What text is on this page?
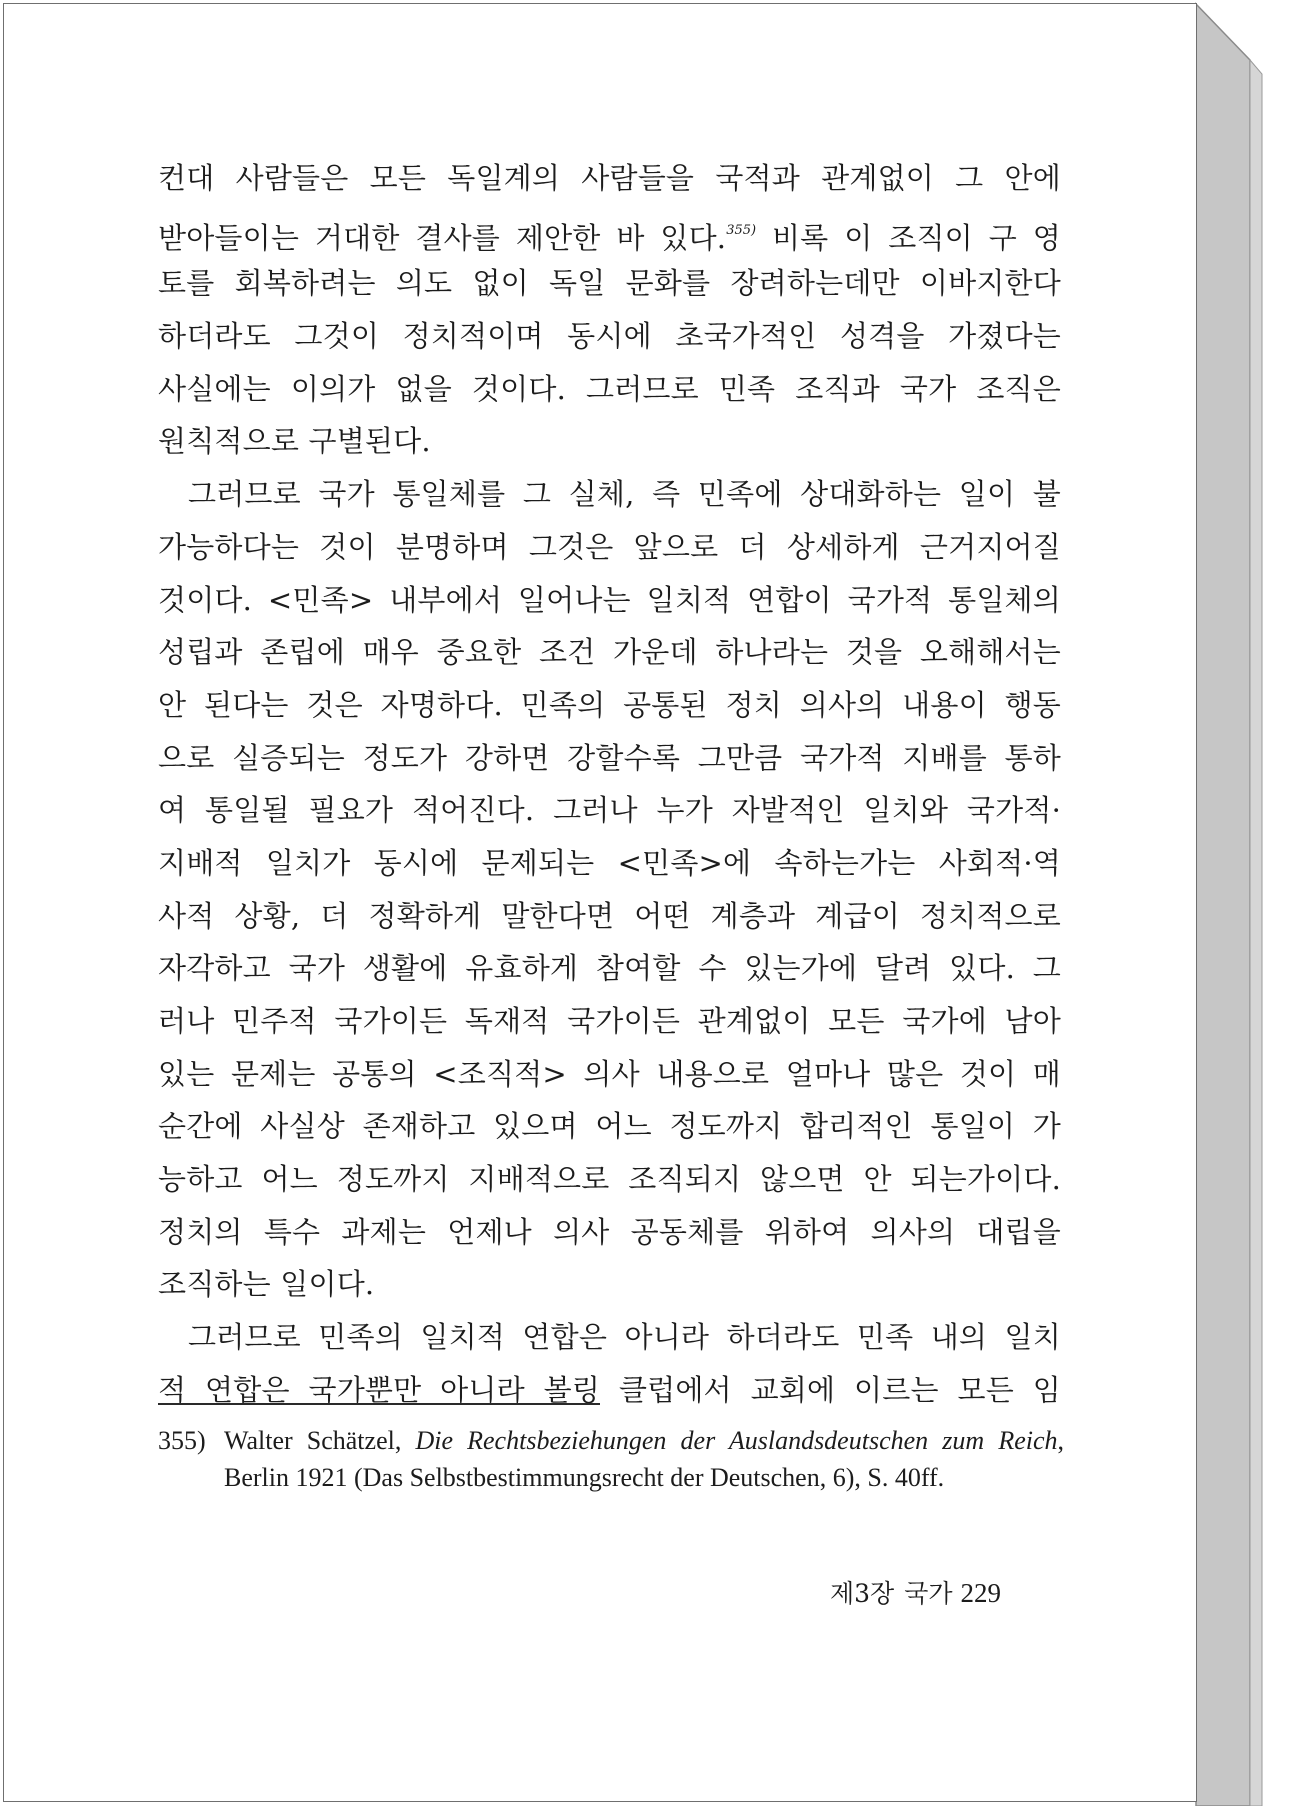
컨대 사람들은 모든 독일계의 사람들을 국적과 관계없이 그 안에
받아들이는 거대한 결사를 제안한 바 있다.$^{355)}$ 비록 이 조직이 구 영
토를 회복하려는 의도 없이 독일 문화를 장려하는데만 이바지한다
하더라도 그것이 정치적이며 동시에 초국가적인 성격을 가졌다는
사실에는 이의가 없을 것이다. 그러므로 민족 조직과 국가 조직은
원칙적으로 구별된다.
그러므로 국가 통일체를 그 실체, 즉 민족에 상대화하는 일이 불
가능하다는 것이 분명하며 그것은 앞으로 더 상세하게 근거지어질
것이다. <민족> 내부에서 일어나는 일치적 연합이 국가적 통일체의
성립과 존립에 매우 중요한 조건 가운데 하나라는 것을 오해해서는
안 된다는 것은 자명하다. 민족의 공통된 정치 의사의 내용이 행동
으로 실증되는 정도가 강하면 강할수록 그만큼 국가적 지배를 통하
여 통일될 필요가 적어진다. 그러나 누가 자발적인 일치와 국가적·
지배적 일치가 동시에 문제되는 <민족>에 속하는가는 사회적·역
사적 상황, 더 정확하게 말한다면 어떤 계층과 계급이 정치적으로
자각하고 국가 생활에 유효하게 참여할 수 있는가에 달려 있다. 그
러나 민주적 국가이든 독재적 국가이든 관계없이 모든 국가에 남아
있는 문제는 공통의 <조직적> 의사 내용으로 얼마나 많은 것이 매
순간에 사실상 존재하고 있으며 어느 정도까지 합리적인 통일이 가
능하고 어느 정도까지 지배적으로 조직되지 않으면 안 되는가이다.
정치의 특수 과제는 언제나 의사 공동체를 위하여 의사의 대립을
조직하는 일이다.
그러므로 민족의 일치적 연합은 아니라 하더라도 민족 내의 일치
적 연합은 국가뿐만 아니라 볼링 클럽에서 교회에 이르는 모든 임
355) Walter Schätzel, Die Rechtsbeziehungen der Auslandsdeutschen zum Reich, Berlin 1921 (Das Selbstbestimmungsrecht der Deutschen, 6), S. 40ff.
제3장 국가 229
